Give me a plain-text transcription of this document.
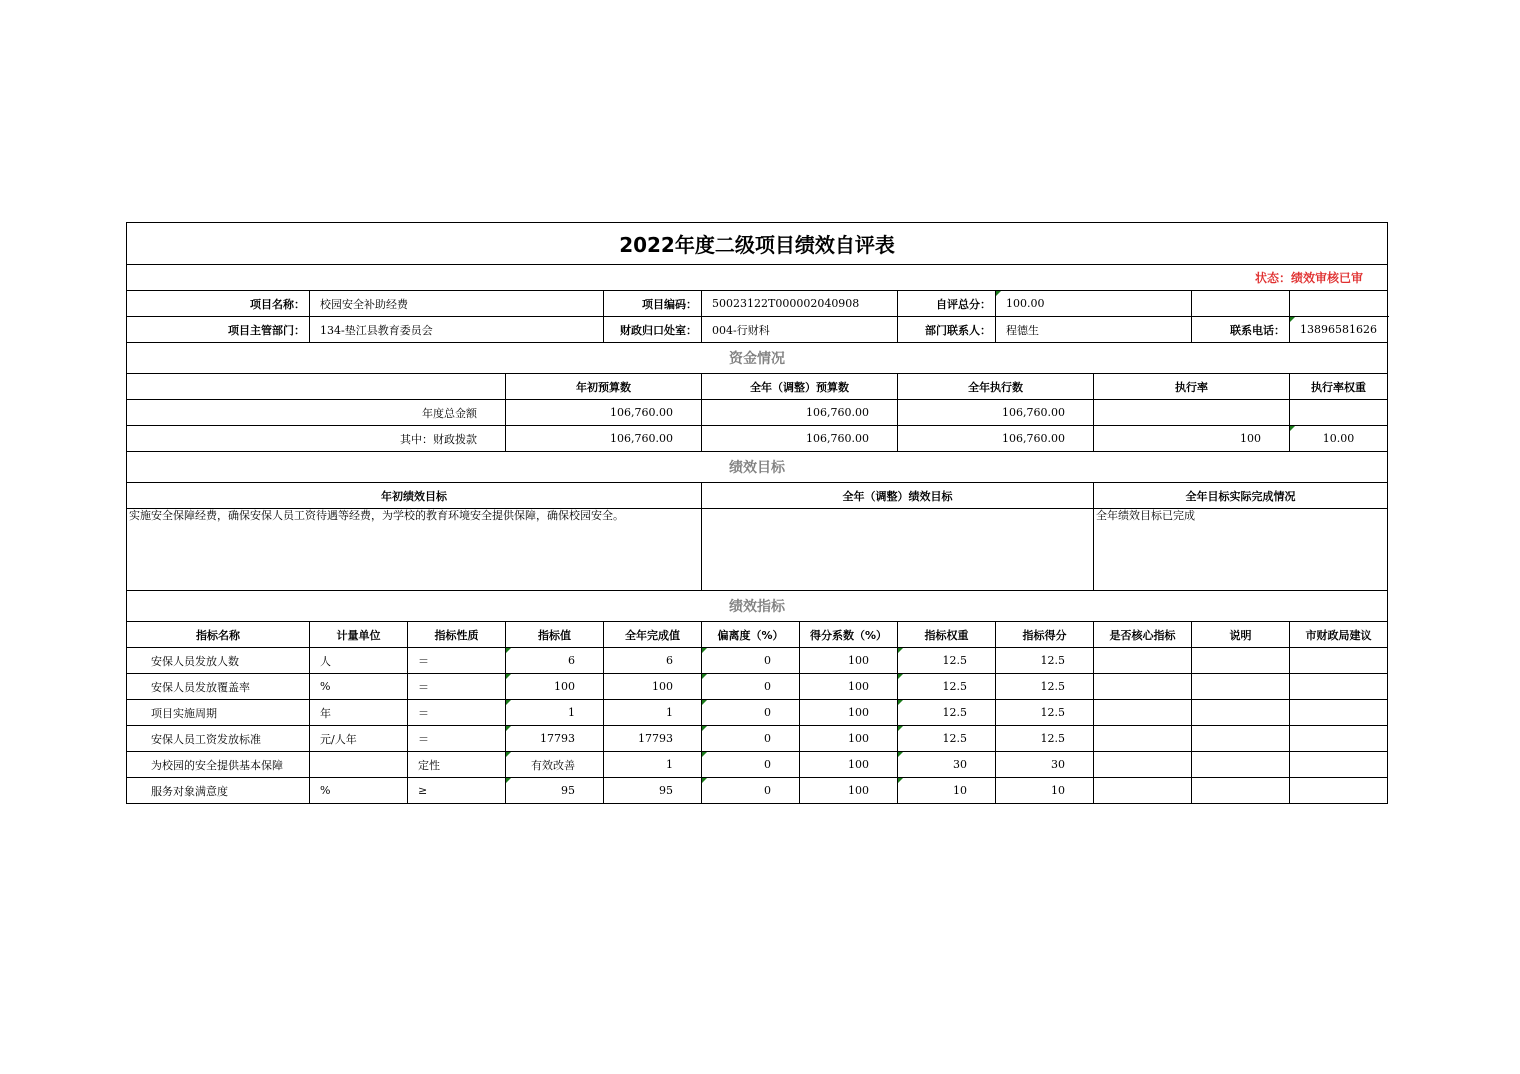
2022年度二级项目绩效自评表												
状态：绩效审核已审												
项目名称：	校园安全补助经费			项目编码：	50023122T000002040908		自评总分：	100.00				
项目主管部门：	134-垫江县教育委员会			财政归口处室：	004-行财科		部门联系人：	程德生		联系电话：	13896581626	
资金情况												
			年初预算数		全年（调整）预算数		全年执行数		执行率		执行率权重	
年度总金额			106,760.00		106,760.00		106,760.00					
其中：财政拨款			106,760.00		106,760.00		106,760.00		100		10.00	
绩效目标												
年初绩效目标					全年（调整）绩效目标				全年目标实际完成情况			
实施安全保障经费，确保安保人员工资待遇等经费，为学校的教育环境安全提供保障，确保校园安全。									全年绩效目标已完成			
绩效指标												
指标名称	计量单位	指标性质	指标值	全年完成值	偏离度（%）	得分系数（%）	指标权重	指标得分	是否核心指标	说明	市财政局建议	
安保人员发放人数	人	＝	6	6	0	100	12.5	12.5				
安保人员发放覆盖率	%	＝	100	100	0	100	12.5	12.5				
项目实施周期	年	＝	1	1	0	100	12.5	12.5				
安保人员工资发放标准	元/人年	＝	17793	17793	0	100	12.5	12.5				
为校园的安全提供基本保障		定性	有效改善	1	0	100	30	30				
服务对象满意度	%	≥	95	95	0	100	10	10				
